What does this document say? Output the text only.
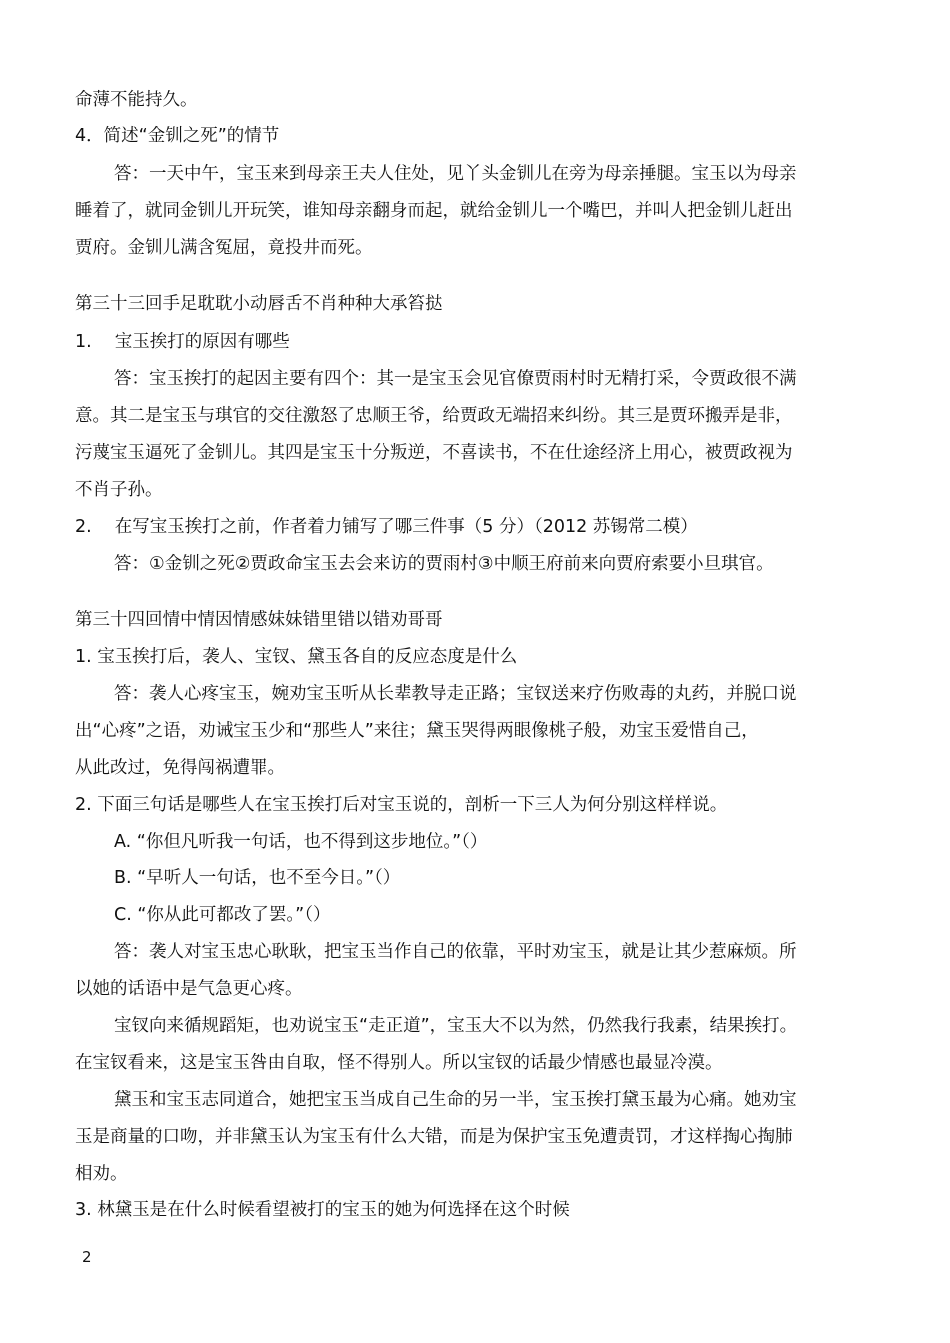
命薄不能持久。
4．简述“金钏之死”的情节
答：一天中午，宝玉来到母亲王夫人住处，见丫头金钏儿在旁为母亲捶腿。宝玉以为母亲
睡着了，就同金钏儿开玩笑，谁知母亲翻身而起，就给金钏儿一个嘴巴，并叫人把金钏儿赶出
贾府。金钏儿满含冤屈，竟投井而死。
第三十三回手足耽耽小动唇舌不肖种种大承笞挞
1.　 宝玉挨打的原因有哪些
答：宝玉挨打的起因主要有四个：其一是宝玉会见官僚贾雨村时无精打采，令贾政很不满
意。其二是宝玉与琪官的交往激怒了忠顺王爷，给贾政无端招来纠纷。其三是贾环搬弄是非，
污蔑宝玉逼死了金钏儿。其四是宝玉十分叛逆，不喜读书，不在仕途经济上用心，被贾政视为
不肖子孙。
2.　 在写宝玉挨打之前，作者着力铺写了哪三件事（5 分）（2012 苏锡常二模）
答：①金钏之死②贾政命宝玉去会来访的贾雨村③中顺王府前来向贾府索要小旦琪官。
第三十四回情中情因情感妹妹错里错以错劝哥哥
1. 宝玉挨打后，袭人、宝钗、黛玉各自的反应态度是什么
答：袭人心疼宝玉，婉劝宝玉听从长辈教导走正路；宝钗送来疗伤败毒的丸药，并脱口说
出“心疼”之语，劝诫宝玉少和“那些人”来往；黛玉哭得两眼像桃子般，劝宝玉爱惜自己，
从此改过，免得闯祸遭罪。
2. 下面三句话是哪些人在宝玉挨打后对宝玉说的，剖析一下三人为何分别这样样说。
A. “你但凡听我一句话，也不得到这步地位。”（）
B. “早听人一句话，也不至今日。”（）
C. “你从此可都改了罢。”（）
答：袭人对宝玉忠心耿耿，把宝玉当作自己的依靠，平时劝宝玉，就是让其少惹麻烦。所
以她的话语中是气急更心疼。
宝钗向来循规蹈矩，也劝说宝玉“走正道”，宝玉大不以为然，仍然我行我素，结果挨打。
在宝钗看来，这是宝玉咎由自取，怪不得别人。所以宝钗的话最少情感也最显冷漠。
黛玉和宝玉志同道合，她把宝玉当成自己生命的另一半，宝玉挨打黛玉最为心痛。她劝宝
玉是商量的口吻，并非黛玉认为宝玉有什么大错，而是为保护宝玉免遭责罚，才这样掏心掏肺
相劝。
3. 林黛玉是在什么时候看望被打的宝玉的她为何选择在这个时候
2
